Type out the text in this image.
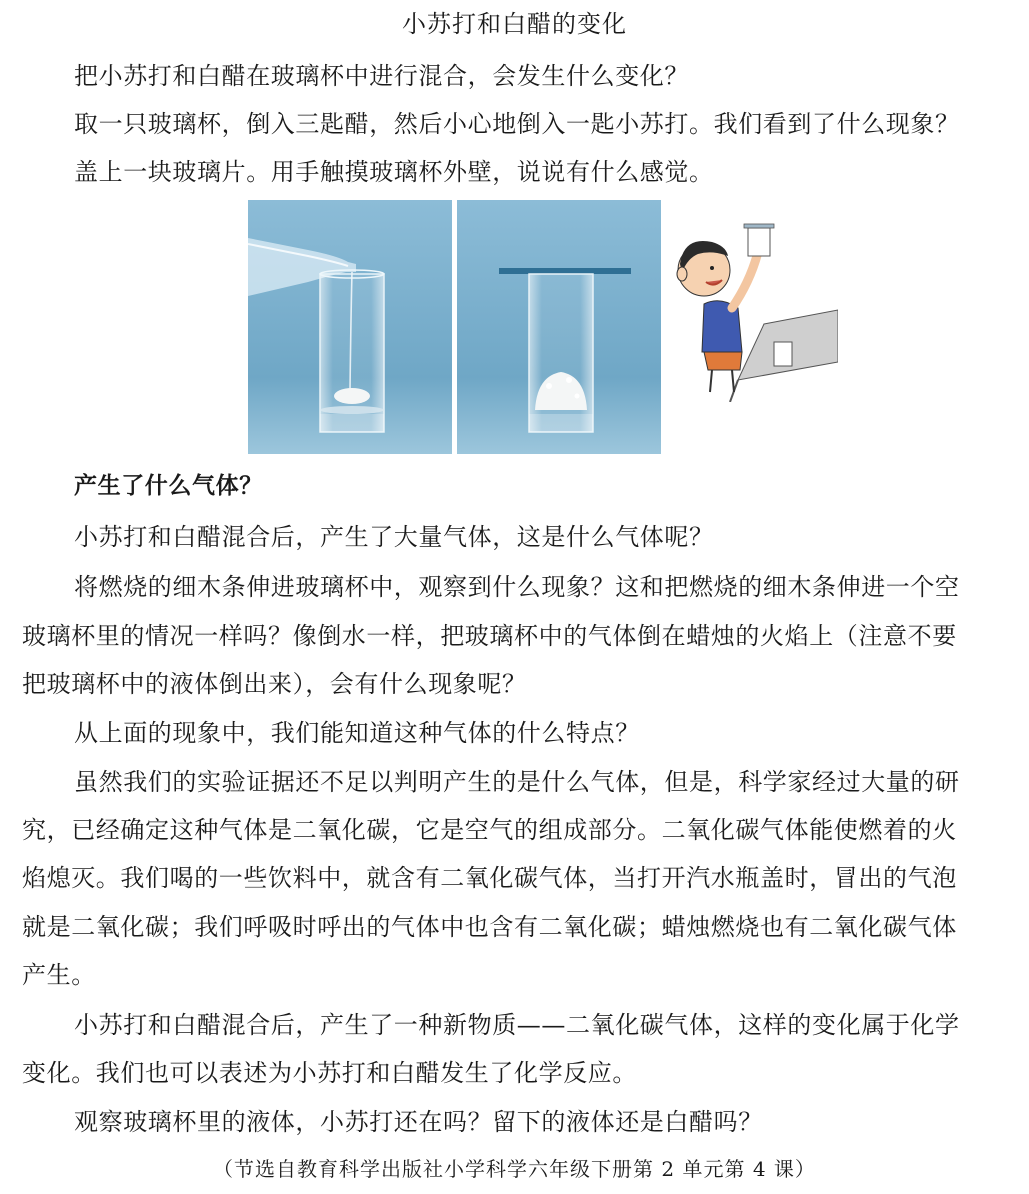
小苏打和白醋的变化
把小苏打和白醋在玻璃杯中进行混合，会发生什么变化？
取一只玻璃杯，倒入三匙醋，然后小心地倒入一匙小苏打。我们看到了什么现象？
盖上一块玻璃片。用手触摸玻璃杯外壁，说说有什么感觉。
产生了什么气体？
小苏打和白醋混合后，产生了大量气体，这是什么气体呢？
将燃烧的细木条伸进玻璃杯中，观察到什么现象？这和把燃烧的细木条伸进一个空
玻璃杯里的情况一样吗？像倒水一样，把玻璃杯中的气体倒在蜡烛的火焰上（注意不要
把玻璃杯中的液体倒出来），会有什么现象呢？
从上面的现象中，我们能知道这种气体的什么特点？
虽然我们的实验证据还不足以判明产生的是什么气体，但是，科学家经过大量的研
究，已经确定这种气体是二氧化碳，它是空气的组成部分。二氧化碳气体能使燃着的火
焰熄灭。我们喝的一些饮料中，就含有二氧化碳气体，当打开汽水瓶盖时，冒出的气泡
就是二氧化碳；我们呼吸时呼出的气体中也含有二氧化碳；蜡烛燃烧也有二氧化碳气体
产生。
小苏打和白醋混合后，产生了一种新物质——二氧化碳气体，这样的变化属于化学
变化。我们也可以表述为小苏打和白醋发生了化学反应。
观察玻璃杯里的液体，小苏打还在吗？留下的液体还是白醋吗？
（节选自教育科学出版社小学科学六年级下册第 2 单元第 4 课）
